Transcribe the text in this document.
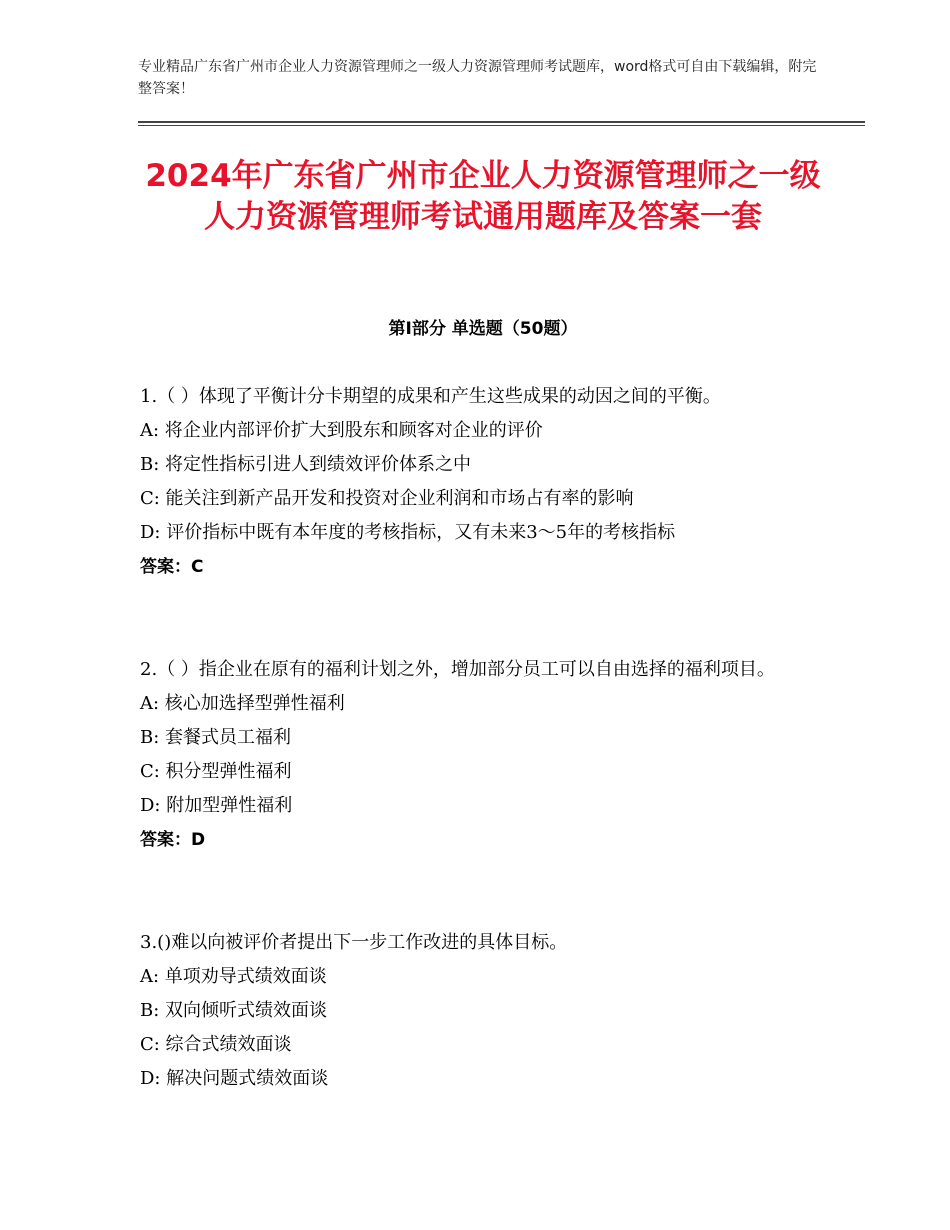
专业精品广东省广州市企业人力资源管理师之一级人力资源管理师考试题库，word格式可自由下载编辑，附完整答案！
2024年广东省广州市企业人力资源管理师之一级人力资源管理师考试通用题库及答案一套
第Ⅰ部分 单选题（50题）
1.（ ）体现了平衡计分卡期望的成果和产生这些成果的动因之间的平衡。
A: 将企业内部评价扩大到股东和顾客对企业的评价
B: 将定性指标引进人到绩效评价体系之中
C: 能关注到新产品开发和投资对企业利润和市场占有率的影响
D: 评价指标中既有本年度的考核指标，又有未来3～5年的考核指标
答案：C
2.（ ）指企业在原有的福利计划之外，增加部分员工可以自由选择的福利项目。
A: 核心加选择型弹性福利
B: 套餐式员工福利
C: 积分型弹性福利
D: 附加型弹性福利
答案：D
3.()难以向被评价者提出下一步工作改进的具体目标。
A: 单项劝导式绩效面谈
B: 双向倾听式绩效面谈
C: 综合式绩效面谈
D: 解决问题式绩效面谈
